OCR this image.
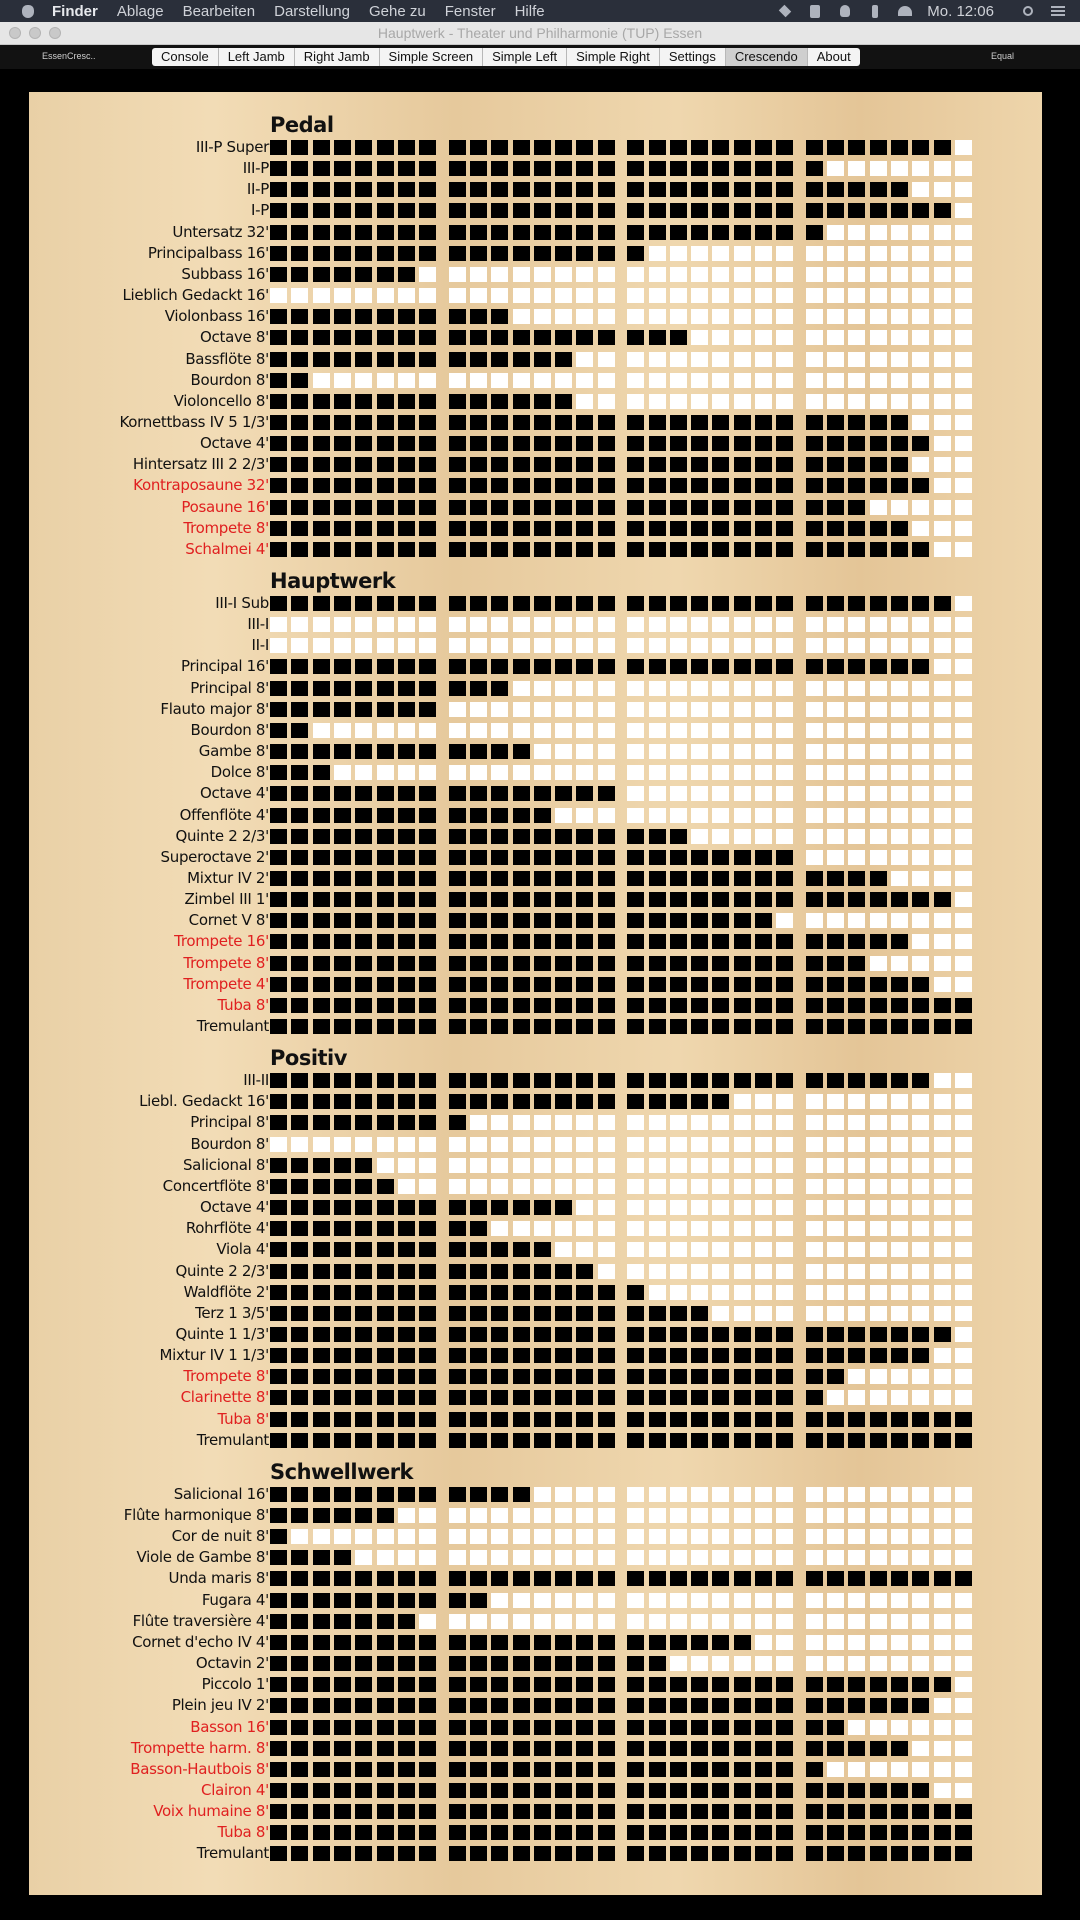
Finder Ablage Bearbeiten Darstellung Gehe zu Fenster Hilfe	Mo. 12:06
Hauptwerk - Theater und Philharmonie (TUP) Essen
EssenCresc..	Console	Left Jamb	Right Jamb	Simple Screen	Simple Left	Simple Right	Settings	Crescendo	About	Equal
Pedal
III-P Super
III-P
II-P
I-P
Untersatz 32'
Principalbass 16'
Subbass 16'
Lieblich Gedackt 16'
Violonbass 16'
Octave 8'
Bassflöte 8'
Bourdon 8'
Violoncello 8'
Kornettbass IV 5 1/3'
Octave 4'
Hintersatz III 2 2/3'
Kontraposaune 32'
Posaune 16'
Trompete 8'
Schalmei 4'
Hauptwerk
III-I Sub
III-I
II-I
Principal 16'
Principal 8'
Flauto major 8'
Bourdon 8'
Gambe 8'
Dolce 8'
Octave 4'
Offenflöte 4'
Quinte 2 2/3'
Superoctave 2'
Mixtur IV 2'
Zimbel III 1'
Cornet V 8'
Trompete 16'
Trompete 8'
Trompete 4'
Tuba 8'
Tremulant
Positiv
III-II
Liebl. Gedackt 16'
Principal 8'
Bourdon 8'
Salicional 8'
Concertflöte 8'
Octave 4'
Rohrflöte 4'
Viola 4'
Quinte 2 2/3'
Waldflöte 2'
Terz 1 3/5'
Quinte 1 1/3'
Mixtur IV 1 1/3'
Trompete 8'
Clarinette 8'
Tuba 8'
Tremulant
Schwellwerk
Salicional 16'
Flûte harmonique 8'
Cor de nuit 8'
Viole de Gambe 8'
Unda maris 8'
Fugara 4'
Flûte traversière 4'
Cornet d'echo IV 4'
Octavin 2'
Piccolo 1'
Plein jeu IV 2'
Basson 16'
Trompette harm. 8'
Basson-Hautbois 8'
Clairon 4'
Voix humaine 8'
Tuba 8'
Tremulant
